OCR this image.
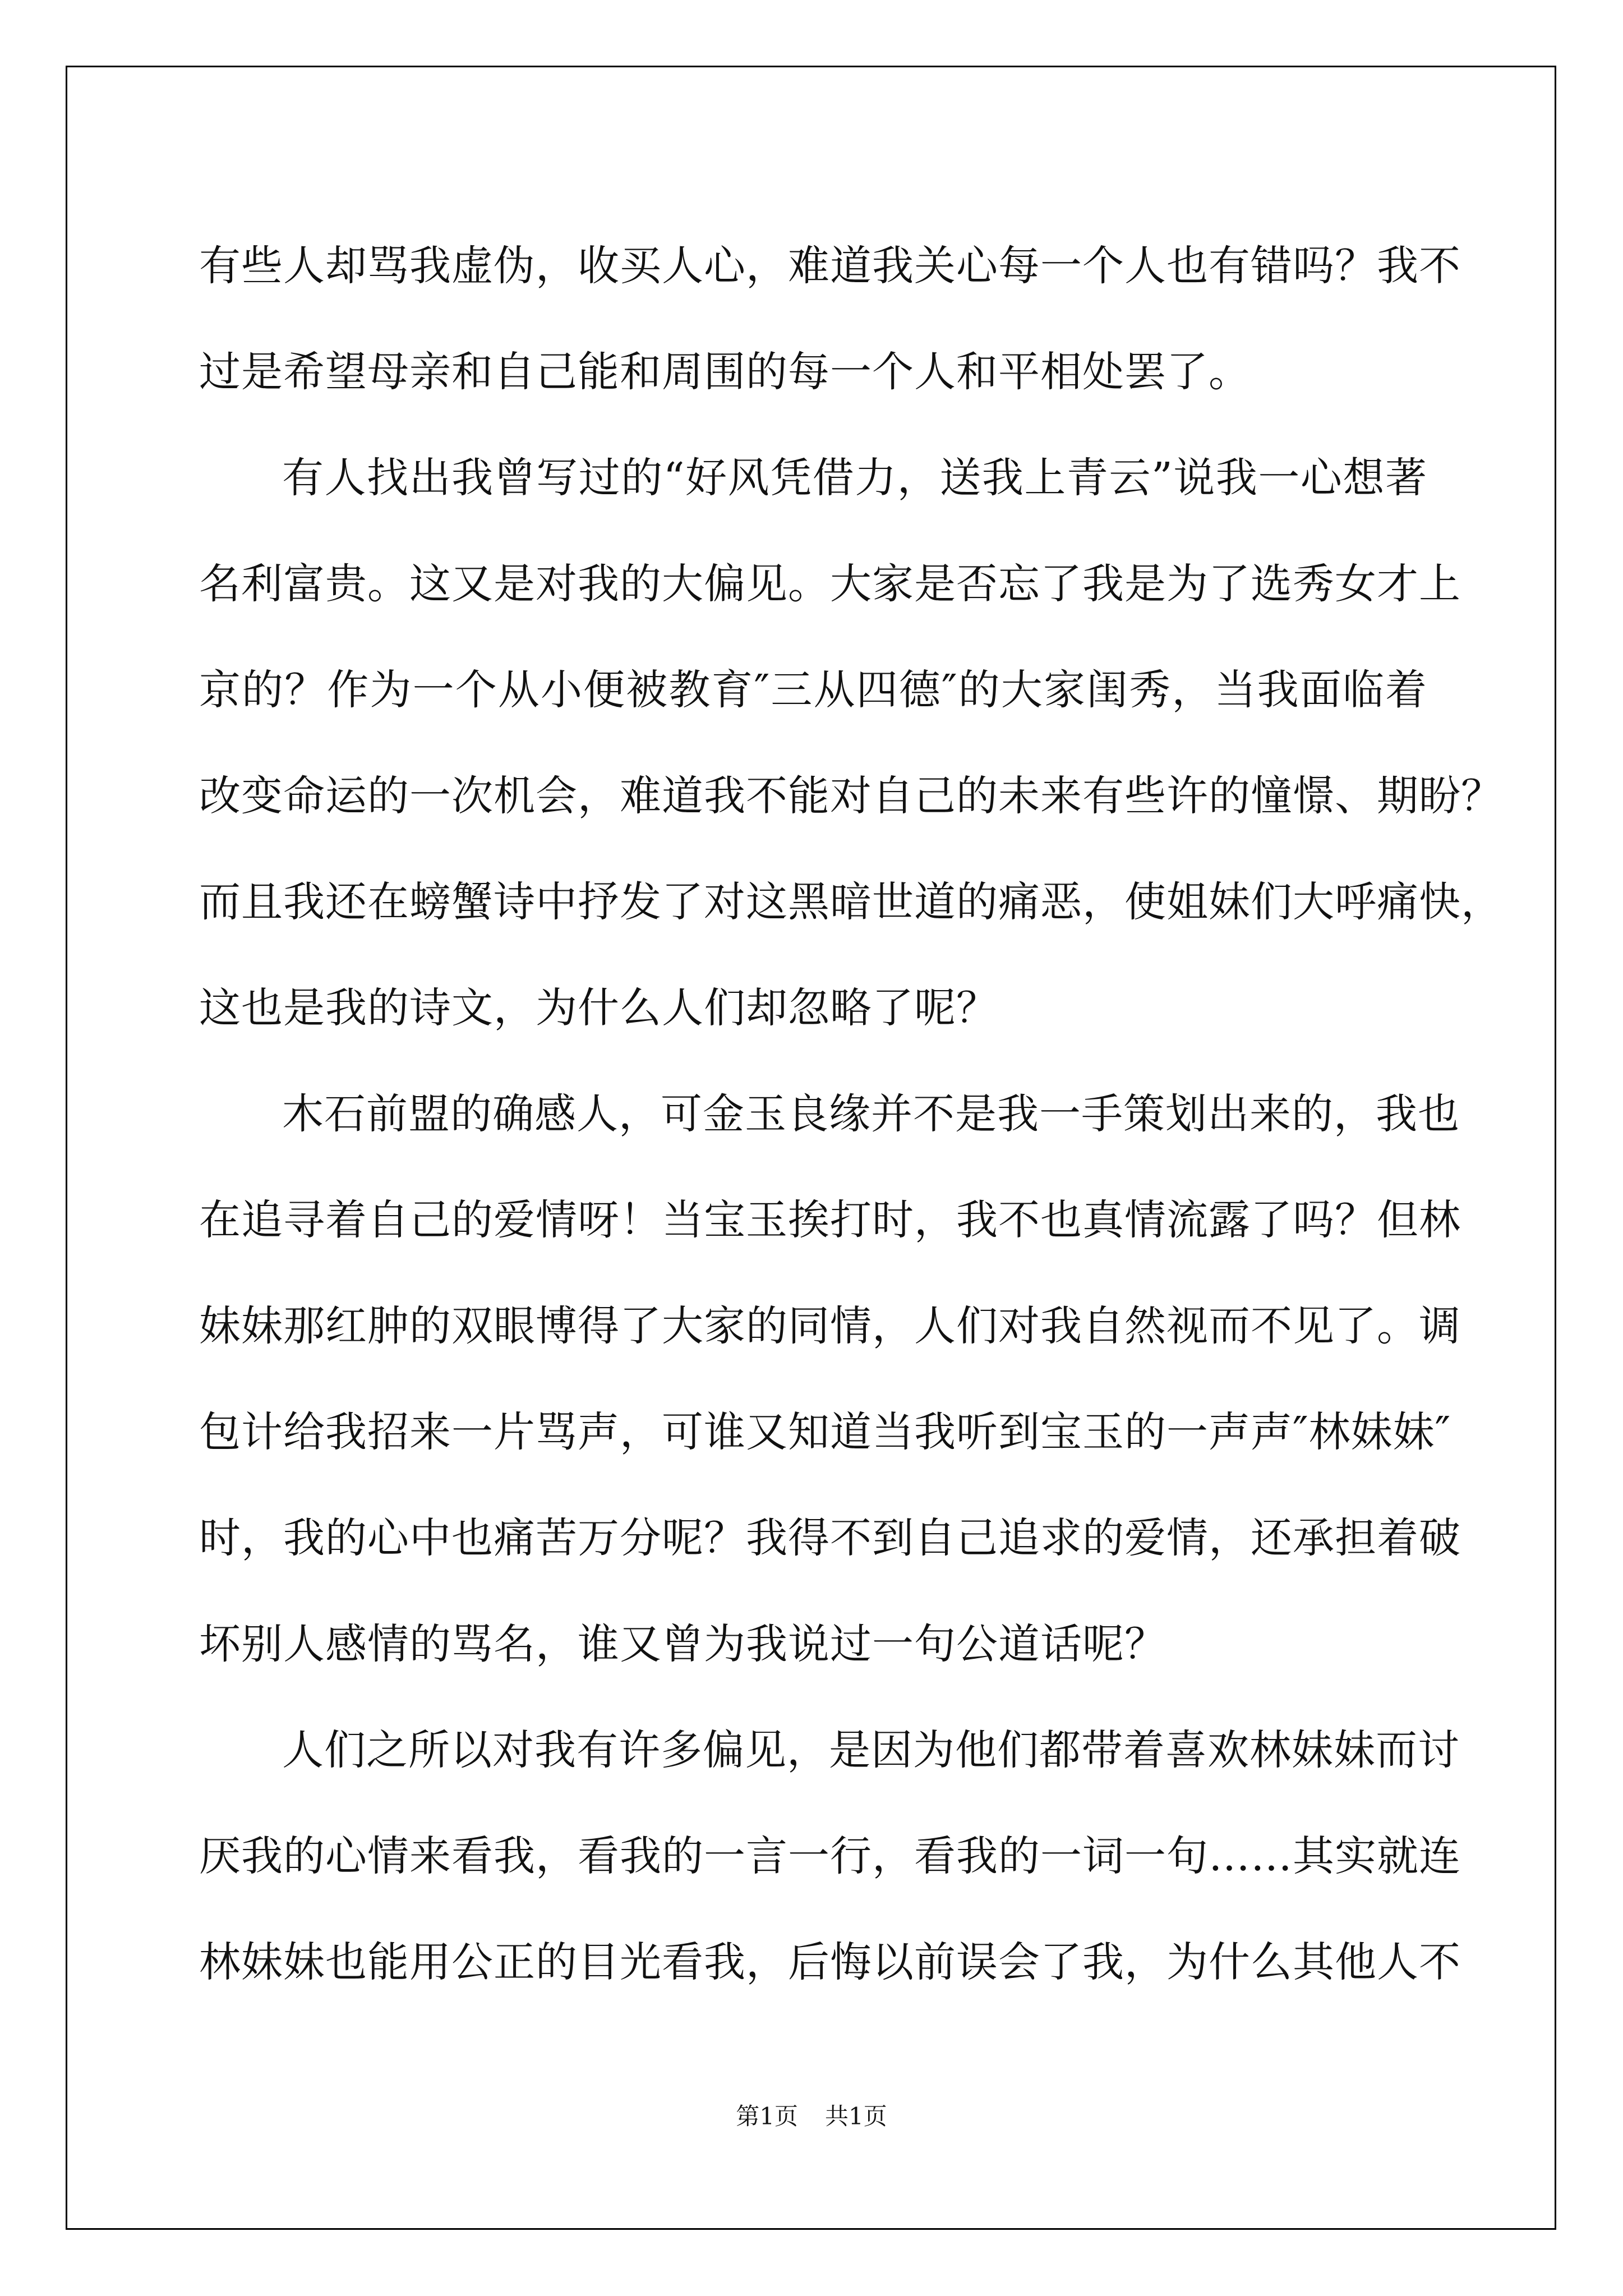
有些人却骂我虚伪，收买人心，难道我关心每一个人也有错吗？我不
过是希望母亲和自己能和周围的每一个人和平相处罢了。
有人找出我曾写过的“好风凭借力，送我上青云”说我一心想著
名利富贵。这又是对我的大偏见。大家是否忘了我是为了选秀女才上
京的？作为一个从小便被教育″三从四德″的大家闺秀，当我面临着
改变命运的一次机会，难道我不能对自己的未来有些许的憧憬、期盼？
而且我还在螃蟹诗中抒发了对这黑暗世道的痛恶，使姐妹们大呼痛快，
这也是我的诗文，为什么人们却忽略了呢？
木石前盟的确感人，可金玉良缘并不是我一手策划出来的，我也
在追寻着自己的爱情呀！当宝玉挨打时，我不也真情流露了吗？但林
妹妹那红肿的双眼博得了大家的同情，人们对我自然视而不见了。调
包计给我招来一片骂声，可谁又知道当我听到宝玉的一声声″林妹妹″
时，我的心中也痛苦万分呢？我得不到自己追求的爱情，还承担着破
坏别人感情的骂名，谁又曾为我说过一句公道话呢？
人们之所以对我有许多偏见，是因为他们都带着喜欢林妹妹而讨
厌我的心情来看我，看我的一言一行，看我的一词一句……其实就连
林妹妹也能用公正的目光看我，后悔以前误会了我，为什么其他人不
第1页 共1页
